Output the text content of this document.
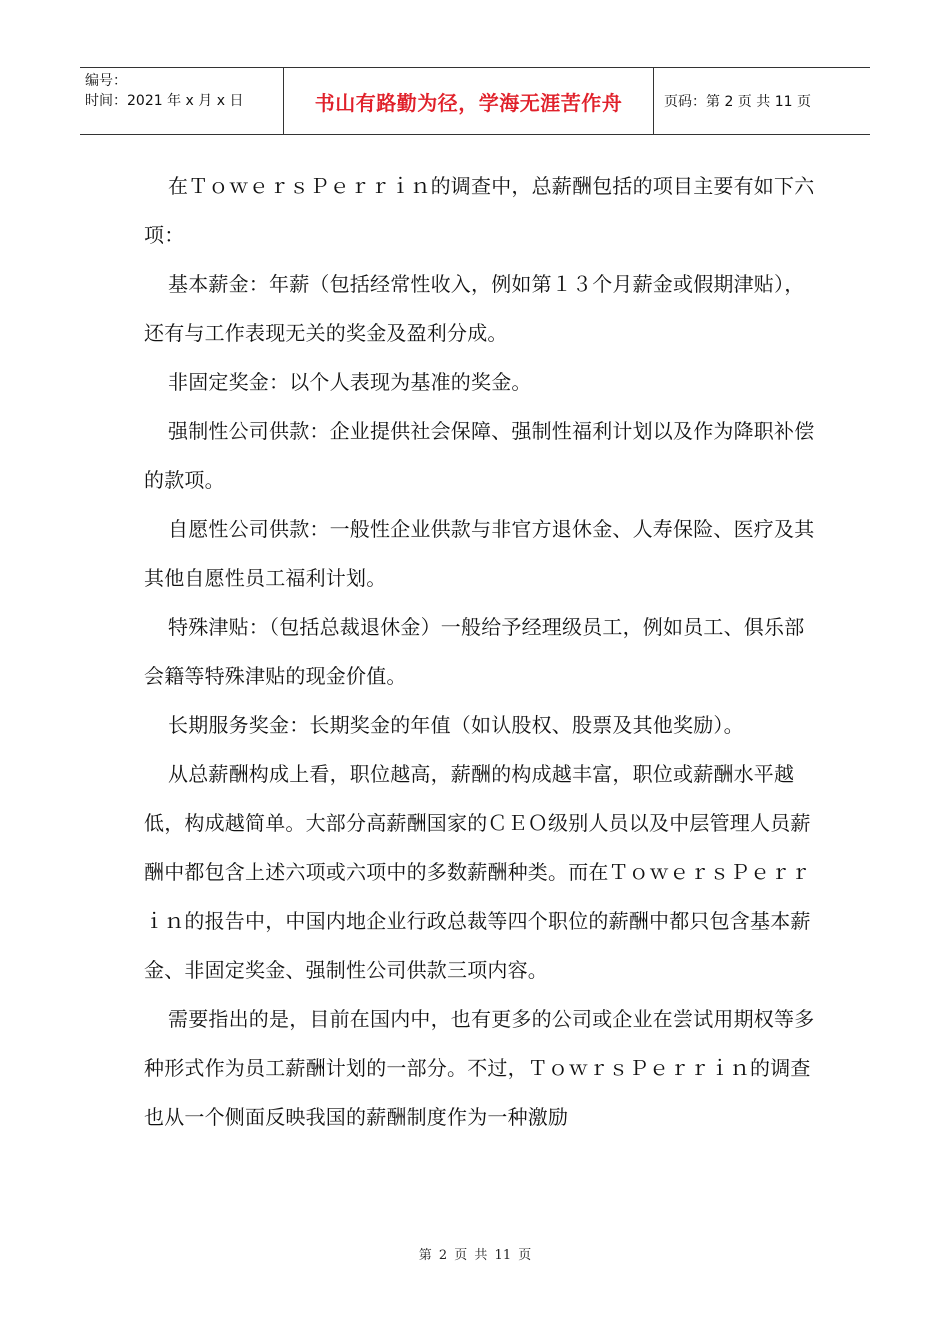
编号：
时间：2021 年 x 月 x 日	书山有路勤为径，学海无涯苦作舟	页码：第 2 页 共 11 页

在ＴｏｗｅｒｓＰｅｒｒｉｎ的调查中，总薪酬包括的项目主要有如下六项：

基本薪金：年薪（包括经常性收入，例如第１３个月薪金或假期津贴），还有与工作表现无关的奖金及盈利分成。

非固定奖金：以个人表现为基准的奖金。

强制性公司供款：企业提供社会保障、强制性福利计划以及作为降职补偿的款项。

自愿性公司供款：一般性企业供款与非官方退休金、人寿保险、医疗及其其他自愿性员工福利计划。

特殊津贴：（包括总裁退休金）一般给予经理级员工，例如员工、俱乐部会籍等特殊津贴的现金价值。

长期服务奖金：长期奖金的年值（如认股权、股票及其他奖励）。

从总薪酬构成上看，职位越高，薪酬的构成越丰富，职位或薪酬水平越低，构成越简单。大部分高薪酬国家的ＣＥＯ级别人员以及中层管理人员薪酬中都包含上述六项或六项中的多数薪酬种类。而在ＴｏｗｅｒｓＰｅｒｒｉｎ的报告中，中国内地企业行政总裁等四个职位的薪酬中都只包含基本薪金、非固定奖金、强制性公司供款三项内容。

需要指出的是，目前在国内中，也有更多的公司或企业在尝试用期权等多种形式作为员工薪酬计划的一部分。不过，ＴｏｗｒｓＰｅｒｒｉｎ的调查也从一个侧面反映我国的薪酬制度作为一种激励

第 2 页 共 11 页
